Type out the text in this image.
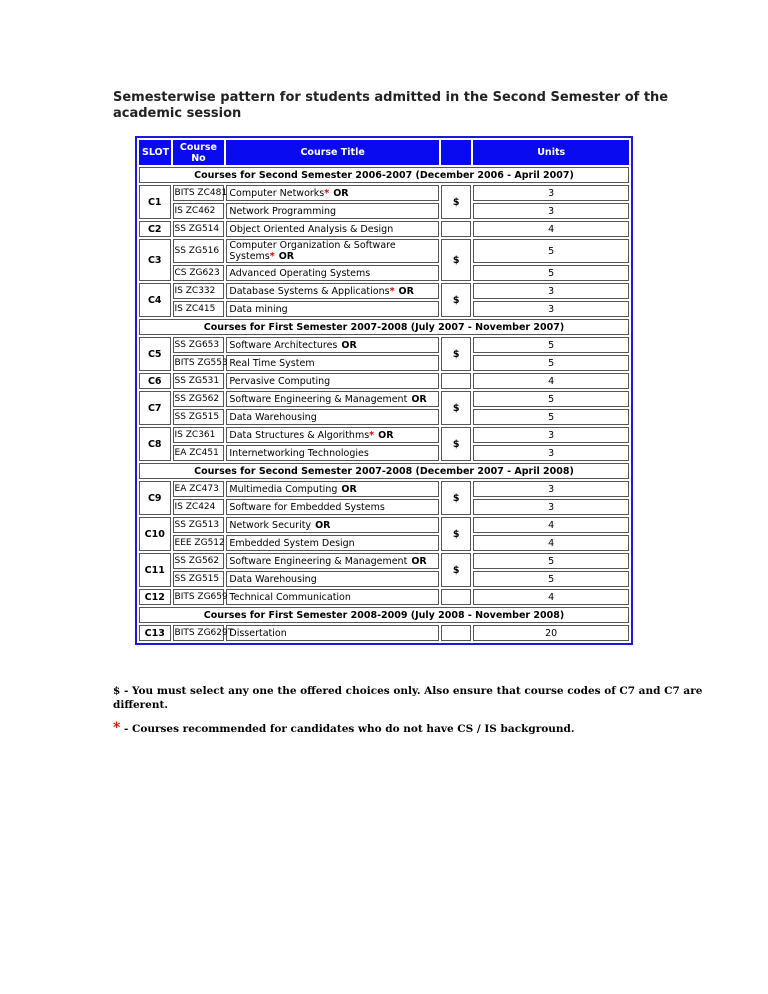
Semesterwise pattern for students admitted in the Second Semester of the academic session
SLOT	Course No	Course Title		Units
Courses for Second Semester 2006-2007 (December 2006 - April 2007)				
C1	BITS ZC481	Computer Networks* OR	$	3
	IS ZC462	Network Programming		3
C2	SS ZG514	Object Oriented Analysis & Design		4
C3	SS ZG516	Computer Organization & Software Systems* OR	$	5
	CS ZG623	Advanced Operating Systems		5
C4	IS ZC332	Database Systems & Applications* OR	$	3
	IS ZC415	Data mining		3
Courses for First Semester 2007-2008 (July 2007 - November 2007)				
C5	SS ZG653	Software Architectures OR	$	5
	BITS ZG553	Real Time System		5
C6	SS ZG531	Pervasive Computing		4
C7	SS ZG562	Software Engineering & Management OR	$	5
	SS ZG515	Data Warehousing		5
C8	IS ZC361	Data Structures & Algorithms* OR	$	3
	EA ZC451	Internetworking Technologies		3
Courses for Second Semester 2007-2008 (December 2007 - April 2008)				
C9	EA ZC473	Multimedia Computing OR	$	3
	IS ZC424	Software for Embedded Systems		3
C10	SS ZG513	Network Security OR	$	4
	EEE ZG512	Embedded System Design		4
C11	SS ZG562	Software Engineering & Management OR	$	5
	SS ZG515	Data Warehousing		5
C12	BITS ZG659	Technical Communication		4
Courses for First Semester 2008-2009 (July 2008 - November 2008)				
C13	BITS ZG629T	Dissertation		20

$ - You must select any one the offered choices only. Also ensure that course codes of C7 and C7 are different.

* - Courses recommended for candidates who do not have CS / IS background.
